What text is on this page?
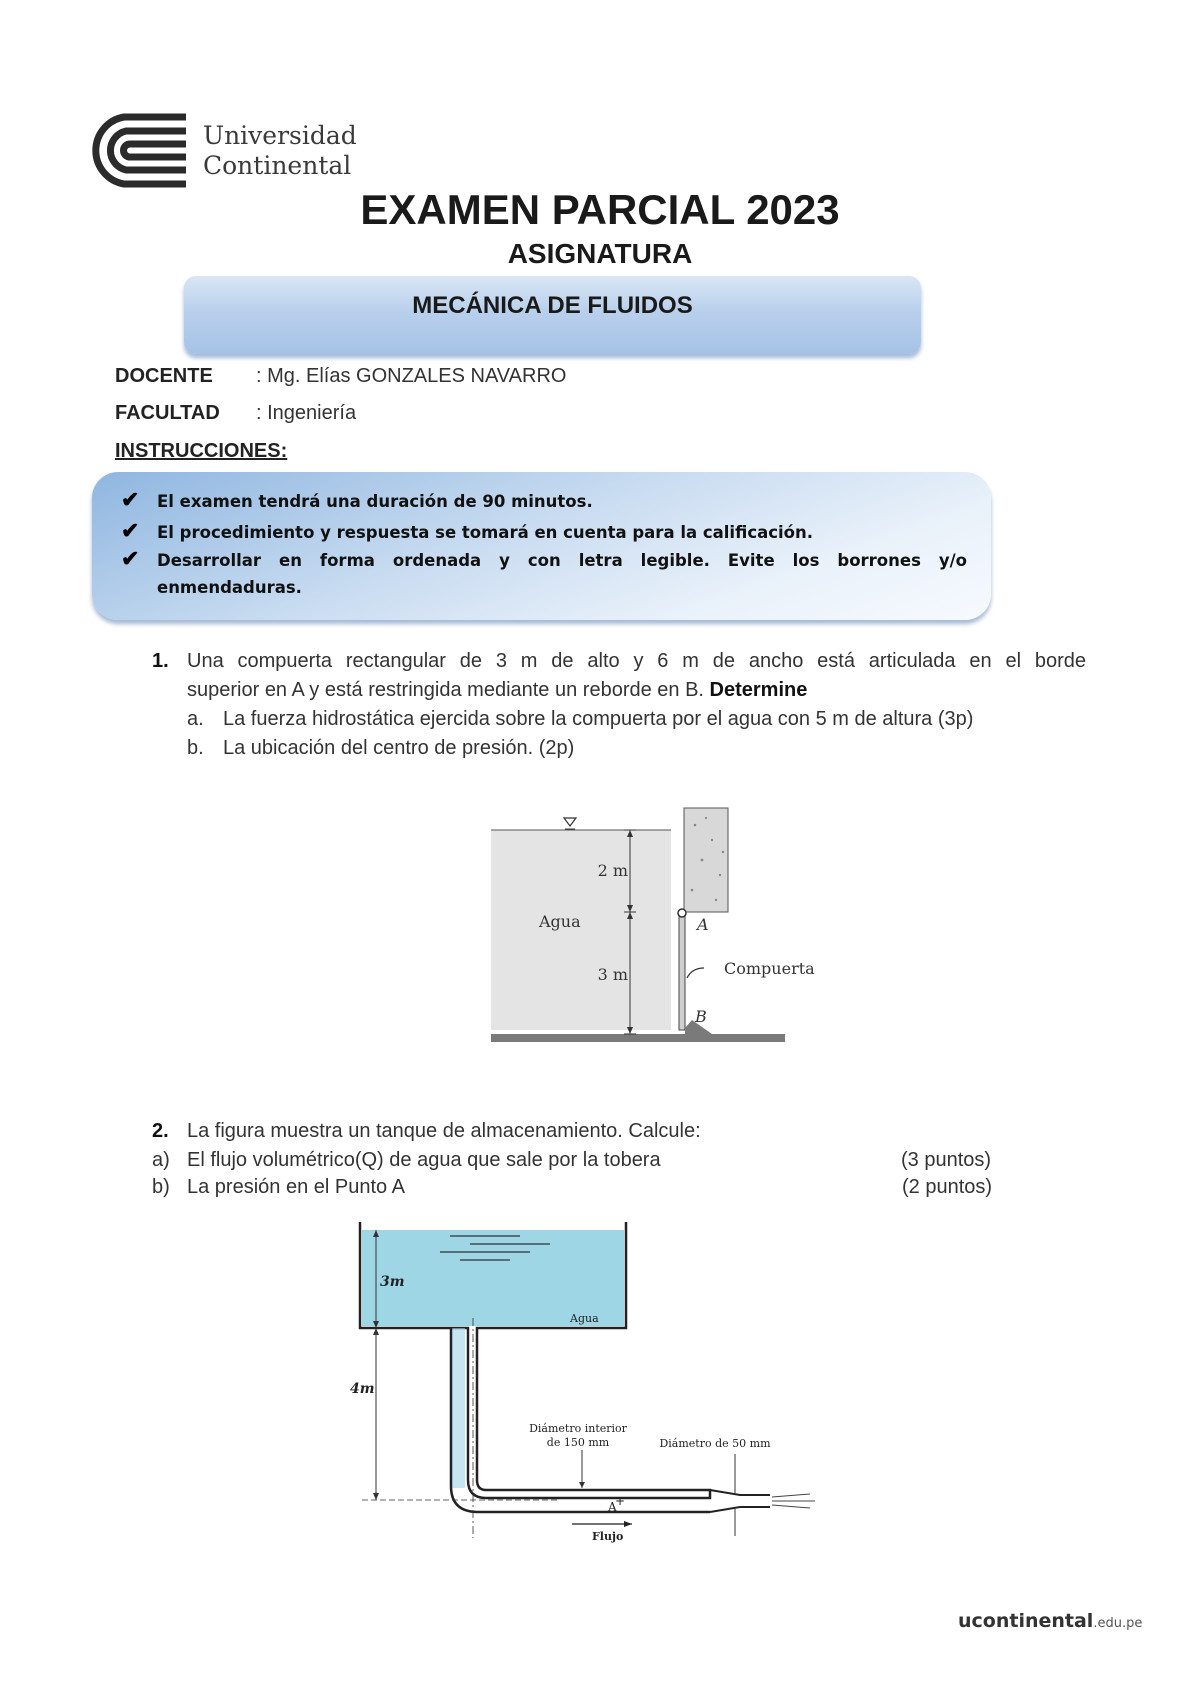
Universidad
Continental
EXAMEN PARCIAL 2023
ASIGNATURA
MECÁNICA DE FLUIDOS
DOCENTE : Mg. Elías GONZALES NAVARRO
FACULTAD : Ingeniería
INSTRUCCIONES:
✔ El examen tendrá una duración de 90 minutos.
✔ El procedimiento y respuesta se tomará en cuenta para la calificación.
✔ Desarrollar en forma ordenada y con letra legible. Evite los borrones y/o
enmendaduras.
1. Una compuerta rectangular de 3 m de alto y 6 m de ancho está articulada en el borde
superior en A y está restringida mediante un reborde en B. Determine
a. La fuerza hidrostática ejercida sobre la compuerta por el agua con 5 m de altura (3p)
b. La ubicación del centro de presión. (2p)
2 m
3 m
Agua	A
B
Compuerta
2. La figura muestra un tanque de almacenamiento. Calcule:
a) El flujo volumétrico(Q) de agua que sale por la tobera	(3 puntos)
b) La presión en el Punto A	(2 puntos)
3m
4m
Agua
Diámetro interior
de 150 mm	Diámetro de 50 mm
A
+
Flujo
ucontinental.edu.pe
